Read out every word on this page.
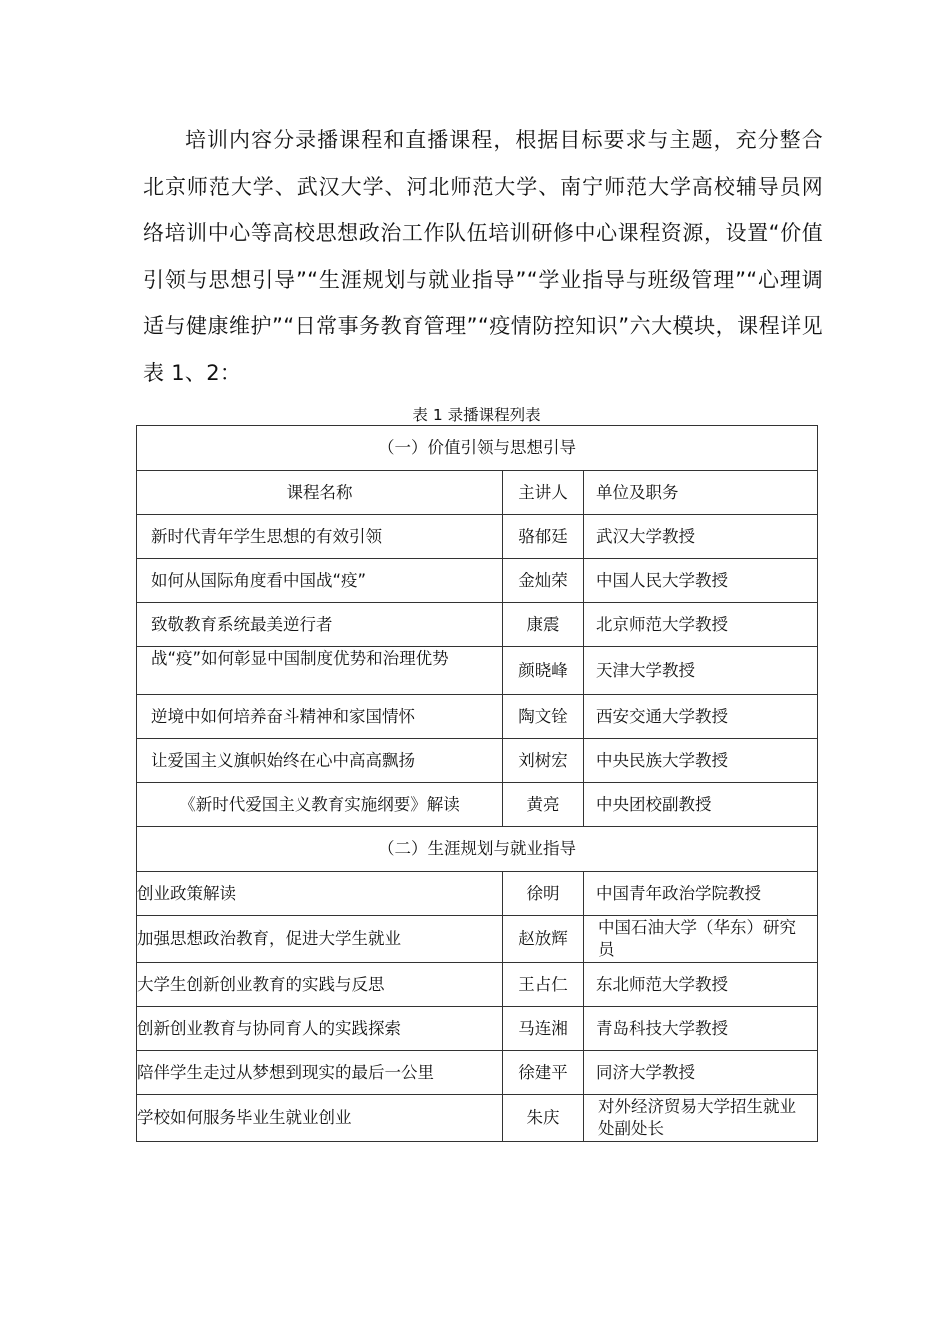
培训内容分录播课程和直播课程，根据目标要求与主题，充分整合北京师范大学、武汉大学、河北师范大学、南宁师范大学高校辅导员网络培训中心等高校思想政治工作队伍培训研修中心课程资源，设置“价值引领与思想引导”“生涯规划与就业指导”“学业指导与班级管理”“心理调适与健康维护”“日常事务教育管理”“疫情防控知识”六大模块，课程详见表 1、2：

表 1 录播课程列表
（一）价值引领与思想引导		
课程名称	主讲人	单位及职务
新时代青年学生思想的有效引领	骆郁廷	武汉大学教授
如何从国际角度看中国战“疫”	金灿荣	中国人民大学教授
致敬教育系统最美逆行者	康震	北京师范大学教授
战“疫”如何彰显中国制度优势和治理优势	颜晓峰	天津大学教授
逆境中如何培养奋斗精神和家国情怀	陶文铨	西安交通大学教授
让爱国主义旗帜始终在心中高高飘扬	刘树宏	中央民族大学教授
《新时代爱国主义教育实施纲要》解读	黄亮	中央团校副教授
（二）生涯规划与就业指导		
创业政策解读	徐明	中国青年政治学院教授
加强思想政治教育，促进大学生就业	赵放辉	中国石油大学（华东）研究员
大学生创新创业教育的实践与反思	王占仁	东北师范大学教授
创新创业教育与协同育人的实践探索	马连湘	青岛科技大学教授
陪伴学生走过从梦想到现实的最后一公里	徐建平	同济大学教授
学校如何服务毕业生就业创业	朱庆	对外经济贸易大学招生就业处副处长
